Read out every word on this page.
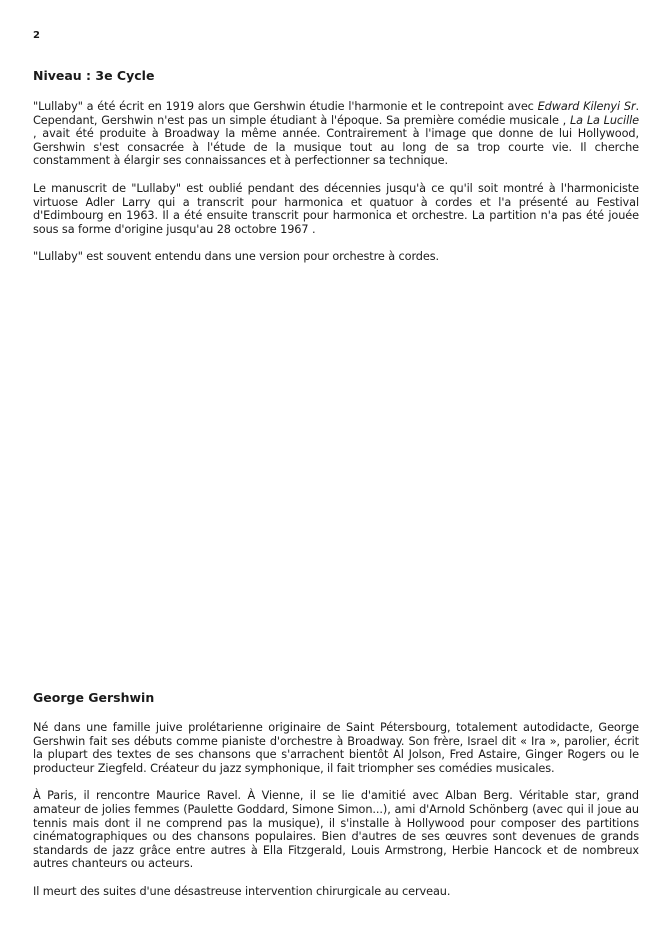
2
Niveau : 3e Cycle

"Lullaby" a été écrit en 1919 alors que Gershwin étudie l'harmonie et le contrepoint avec Edward Kilenyi Sr. Cependant, Gershwin n'est pas un simple étudiant à l'époque. Sa première comédie musicale , La La Lucille , avait été produite à Broadway la même année. Contrairement à l'image que donne de lui Hollywood, Gershwin s'est consacrée à l'étude de la musique tout au long de sa trop courte vie. Il cherche constamment à élargir ses connaissances et à perfectionner sa technique.

Le manuscrit de "Lullaby" est oublié pendant des décennies jusqu'à ce qu'il soit montré à l'harmoniciste virtuose Adler Larry qui a transcrit pour harmonica et quatuor à cordes et l'a présenté au Festival d'Edimbourg en 1963. Il a été ensuite transcrit pour harmonica et orchestre. La partition n'a pas été jouée sous sa forme d'origine jusqu'au 28 octobre 1967 .

"Lullaby" est souvent entendu dans une version pour orchestre à cordes.

George Gershwin

Né dans une famille juive prolétarienne originaire de Saint Pétersbourg, totalement autodidacte, George Gershwin fait ses débuts comme pianiste d'orchestre à Broadway. Son frère, Israel dit « Ira », parolier, écrit la plupart des textes de ses chansons que s'arrachent bientôt Al Jolson, Fred Astaire, Ginger Rogers ou le producteur Ziegfeld. Créateur du jazz symphonique, il fait triompher ses comédies musicales.

À Paris, il rencontre Maurice Ravel. À Vienne, il se lie d'amitié avec Alban Berg. Véritable star, grand amateur de jolies femmes (Paulette Goddard, Simone Simon...), ami d'Arnold Schönberg (avec qui il joue au tennis mais dont il ne comprend pas la musique), il s'installe à Hollywood pour composer des partitions cinématographiques ou des chansons populaires. Bien d'autres de ses œuvres sont devenues de grands standards de jazz grâce entre autres à Ella Fitzgerald, Louis Armstrong, Herbie Hancock et de nombreux autres chanteurs ou acteurs.

Il meurt des suites d'une désastreuse intervention chirurgicale au cerveau.
